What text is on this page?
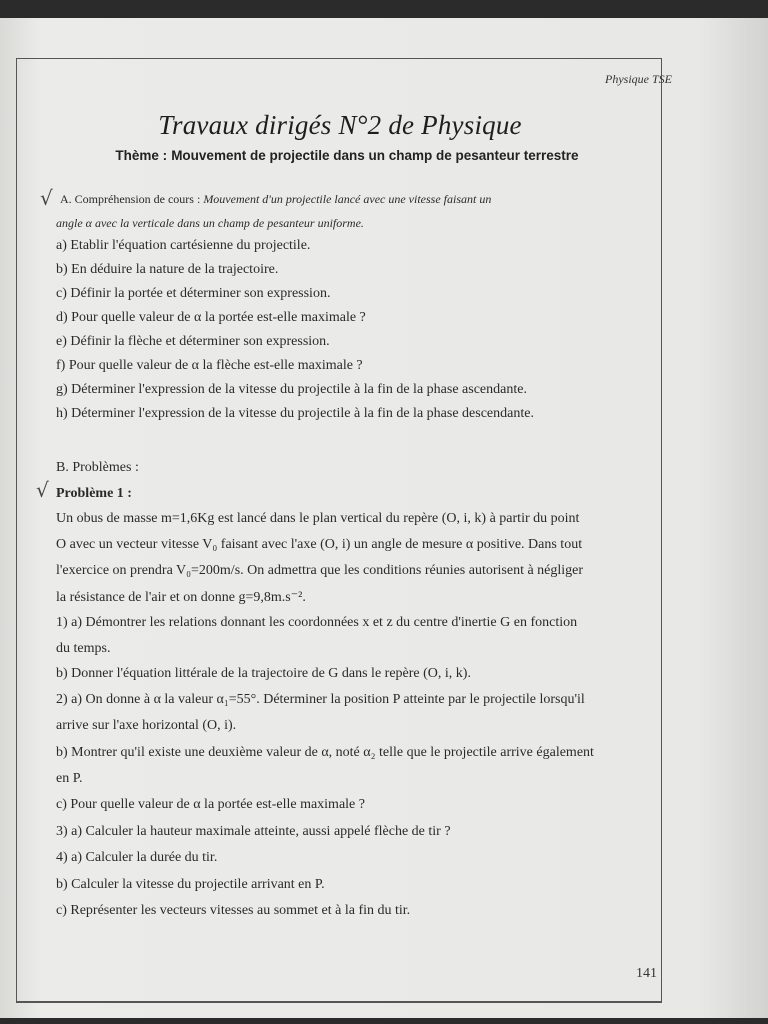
Physique TSE
Travaux dirigés N°2 de Physique
Thème : Mouvement de projectile dans un champ de pesanteur terrestre
√ A. Compréhension de cours : Mouvement d'un projectile lancé avec une vitesse faisant un
angle α avec la verticale dans un champ de pesanteur uniforme.
a) Etablir l'équation cartésienne du projectile.
b) En déduire la nature de la trajectoire.
c) Définir la portée et déterminer son expression.
d) Pour quelle valeur de α la portée est-elle maximale ?
e) Définir la flèche et déterminer son expression.
f) Pour quelle valeur de α la flèche est-elle maximale ?
g) Déterminer l'expression de la vitesse du projectile à la fin de la phase ascendante.
h) Déterminer l'expression de la vitesse du projectile à la fin de la phase descendante.
B. Problèmes :
√ Problème 1 :
Un obus de masse m=1,6Kg est lancé dans le plan vertical du repère (O, i, k) à partir du point
O avec un vecteur vitesse V₀ faisant avec l'axe (O, i) un angle de mesure α positive. Dans tout
l'exercice on prendra V₀=200m/s. On admettra que les conditions réunies autorisent à négliger
la résistance de l'air et on donne g=9,8m.s⁻².
1) a) Démontrer les relations donnant les coordonnées x et z du centre d'inertie G en fonction
du temps.
b) Donner l'équation littérale de la trajectoire de G dans le repère (O, i, k).
2) a) On donne à α la valeur α₁=55°. Déterminer la position P atteinte par le projectile lorsqu'il
arrive sur l'axe horizontal (O, i).
b) Montrer qu'il existe une deuxième valeur de α, noté α₂ telle que le projectile arrive également
en P.
c) Pour quelle valeur de α la portée est-elle maximale ?
3) a) Calculer la hauteur maximale atteinte, aussi appelé flèche de tir ?
4) a) Calculer la durée du tir.
b) Calculer la vitesse du projectile arrivant en P.
c) Représenter les vecteurs vitesses au sommet et à la fin du tir.
141
